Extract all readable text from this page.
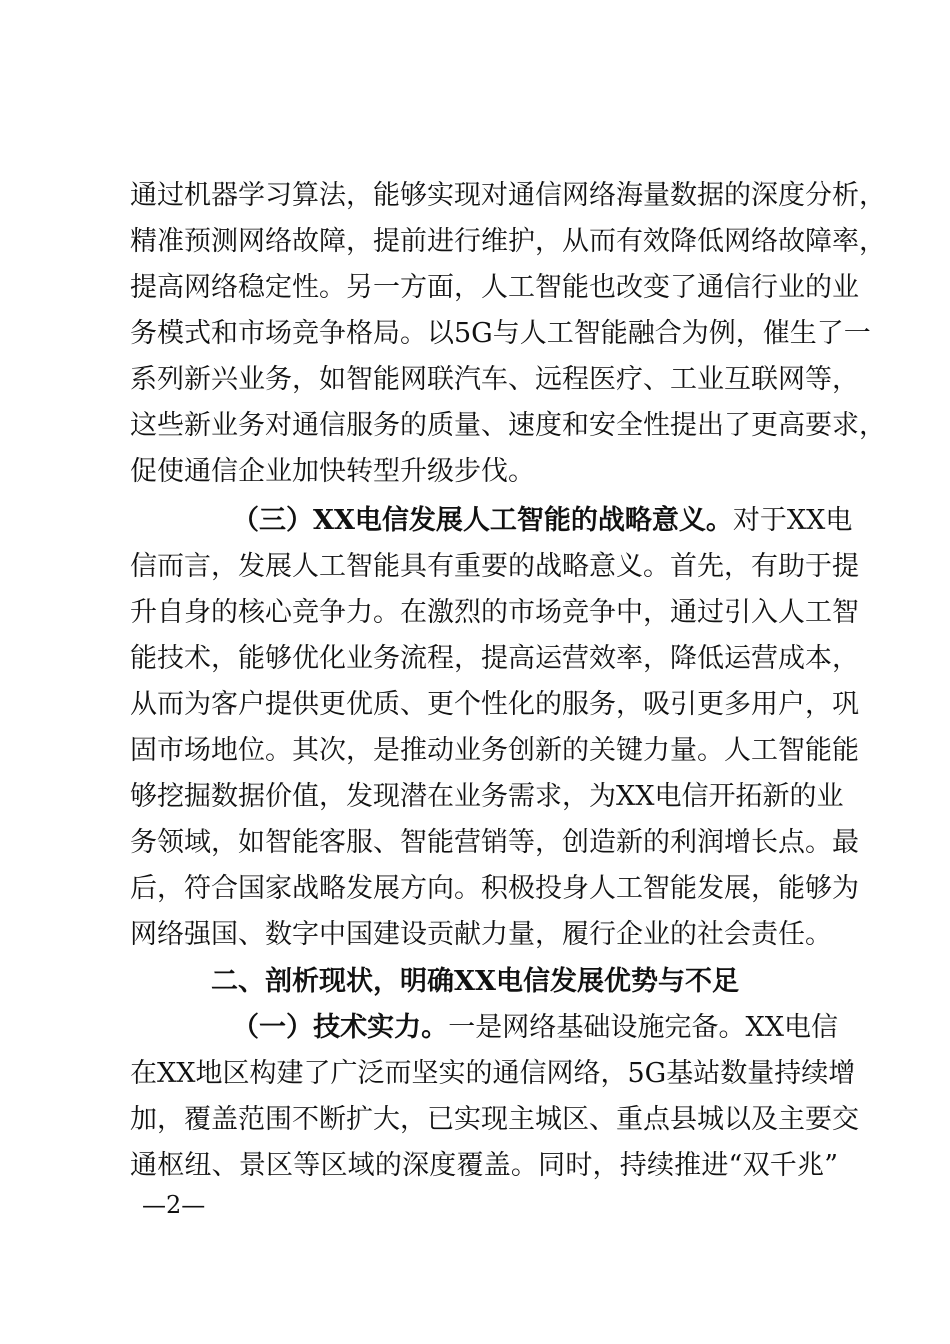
通过机器学习算法，能够实现对通信网络海量数据的深度分析，
精准预测网络故障，提前进行维护，从而有效降低网络故障率，
提高网络稳定性。另一方面，人工智能也改变了通信行业的业
务模式和市场竞争格局。以5G与人工智能融合为例，催生了一
系列新兴业务，如智能网联汽车、远程医疗、工业互联网等，
这些新业务对通信服务的质量、速度和安全性提出了更高要求，
促使通信企业加快转型升级步伐。
（三）XX电信发展人工智能的战略意义。对于XX电
信而言，发展人工智能具有重要的战略意义。首先，有助于提
升自身的核心竞争力。在激烈的市场竞争中，通过引入人工智
能技术，能够优化业务流程，提高运营效率，降低运营成本，
从而为客户提供更优质、更个性化的服务，吸引更多用户，巩
固市场地位。其次，是推动业务创新的关键力量。人工智能能
够挖掘数据价值，发现潜在业务需求，为XX电信开拓新的业
务领域，如智能客服、智能营销等，创造新的利润增长点。最
后，符合国家战略发展方向。积极投身人工智能发展，能够为
网络强国、数字中国建设贡献力量，履行企业的社会责任。
二、剖析现状，明确XX电信发展优势与不足
（一）技术实力。一是网络基础设施完备。XX电信
在XX地区构建了广泛而坚实的通信网络，5G基站数量持续增
加，覆盖范围不断扩大，已实现主城区、重点县城以及主要交
通枢纽、景区等区域的深度覆盖。同时，持续推进“双千兆”
—2—
